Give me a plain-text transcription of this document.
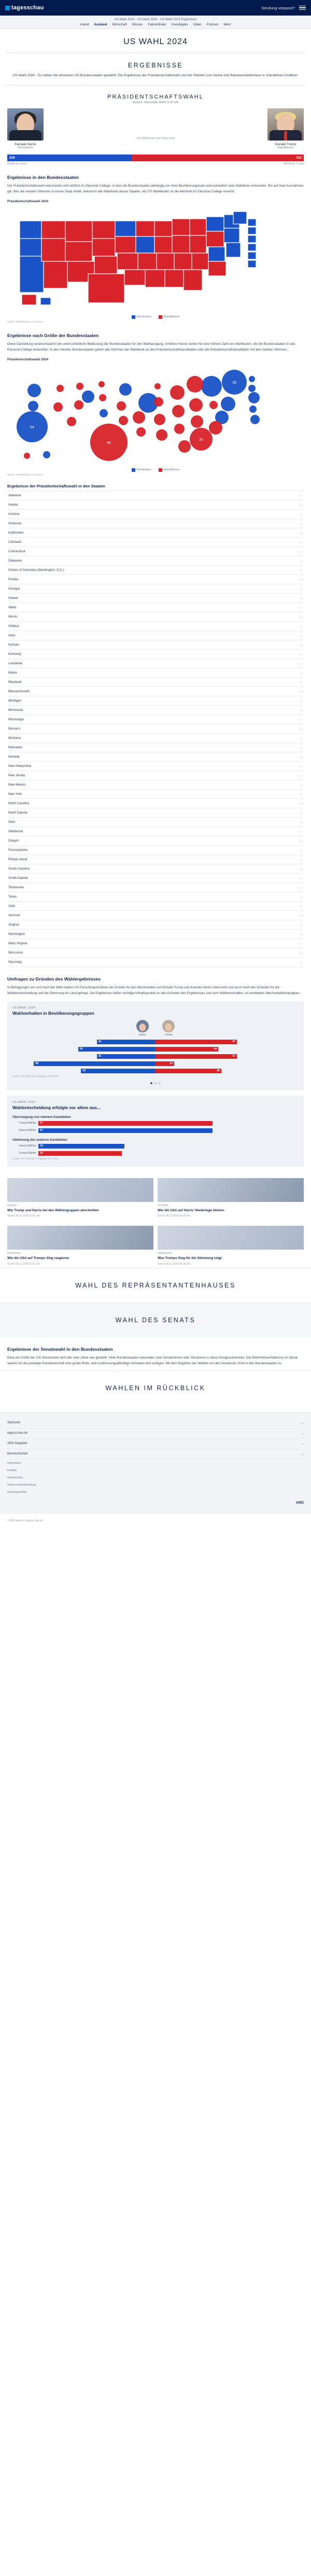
tagesschau	Sendung verpasst?
US-Wahl 2024 · US-Wahl 2024 · US-Wahl 2024 Ergebnisse
Inland Ausland Wirtschaft Wissen Faktenfinder Investigativ Video Podcast Mehr
US WAHL 2024
ERGEBNISSE
US-Wahl 2024 - So haben die einzelnen US-Bundesstaaten gewählt: Die Ergebnisse der Präsidentschaftswahl und der Wahlen zum Senat und Repräsentantenhaus in interaktiven Grafiken.
PRÄSIDENTSCHAFTSWAHL
Stand 6. Dezember 2024, 9:15 Uhr
Kamala Harris
Demokraten
270 Wahlleute zum Sieg nötig
Donald Trump
Republikaner
226	312
Wahlleute Harris	Wahlleute Trump
Ergebnisse in den Bundesstaaten

Der Präsidentschaftswahl entscheidet sich letztlich im Electoral College, in dem die Bundesstaaten abhängig von ihrer Bevölkerungszahl unterschiedlich viele Wahlleute entsenden. Bis auf zwei Ausnahmen gilt: Wer die meisten Stimmen in einem Staat erhält, bekommt alle Wahlleute dieses Staates. Ab 270 Wahlleuten ist die Mehrheit im Electoral College erreicht.

Präsidentschaftswahl 2024
Demokraten	Republikaner
Quelle: AP/Wahlleute in Prozent
Ergebnisse nach Größe der Bundesstaaten

Diese Darstellung veranschaulicht die unterschiedliche Bedeutung der Bundesstaaten für den Wahlausgang. Größere Kreise stehen für eine höhere Zahl von Wahlleuten, die die Bundesstaaten in das Electoral College entsenden. In den meisten Bundesstaaten gehen alle Stimmen der Wahlleute an den Präsidentschaftskandidaten oder die Präsidentschaftskandidatin mit den meisten Stimmen.

Präsidentschaftswahl 2024
54
40
28
30
Demokraten	Republikaner
Quelle: AP/Wahlleute in Prozent
Ergebnisse der Präsidentschaftswahl in den Staaten
Alabama	⌄
Alaska	⌄
Arizona	⌄
Arkansas	⌄
Kalifornien	⌄
Colorado	⌄
Connecticut	⌄
Delaware	⌄
District of Columbia (Washington, D.C.)	⌄
Florida	⌄
Georgia	⌄
Hawaii	⌄
Idaho	⌄
Illinois	⌄
Indiana	⌄
Iowa	⌄
Kansas	⌄
Kentucky	⌄
Louisiana	⌄
Maine	⌄
Maryland	⌄
Massachusetts	⌄
Michigan	⌄
Minnesota	⌄
Mississippi	⌄
Missouri	⌄
Montana	⌄
Nebraska	⌄
Nevada	⌄
New Hampshire	⌄
New Jersey	⌄
New Mexico	⌄
New York	⌄
North Carolina	⌄
North Dakota	⌄
Ohio	⌄
Oklahoma	⌄
Oregon	⌄
Pennsylvania	⌄
Rhode Island	⌄
South Carolina	⌄
South Dakota	⌄
Tennessee	⌄
Texas	⌄
Utah	⌄
Vermont	⌄
Virginia	⌄
Washington	⌄
West Virginia	⌄
Wisconsin	⌄
Wyoming	⌄
Umfragen zu Gründen des Wahlergebnisses

In Befragungen am und nach der Wahl haben US-Forschungsinstitute die Gründe für das Abschneiden von Donald Trump und Kamala Harris untersucht und auch nach den Gründen für die Wählerentscheidung und die Stimmung im Land gefragt. Die Ergebnisse helfen wichtige Anhaltspunkte zu den Gründen des Ergebnisses und zum Wählerverhalten, zu ermittelten Wechselwählergruppen.

US-WAHL 2024
Wahlverhalten in Bevölkerungsgruppen
Harris	Trump
41	57
54	44
41	57
85	13
52	46
Quelle: AP VoteCast / Angaben in Prozent
US-WAHL 2024
Wahlentscheidung erfolgte vor allem aus...
Überzeugung von meinem Kandidaten
Trump-Wähler	67
Harris-Wähler	67
Ablehnung des anderen Kandidaten
Harris-Wähler	33
Trump-Wähler	32
Quelle: AP VoteCast / Angaben in Prozent
Analyse
Wie Trump und Harris bei den Wählergruppen abschnitten
Stand: 06.11.2024 12:41 Uhr
US-Wahl
Wie die USA auf Harris' Niederlage blicken
Stand: 06.11.2024 09:20 Uhr
Reaktionen
Wie die USA auf Trumps Sieg reagieren
Stand: 06.11.2024 11:02 Uhr
Hintergrund
Was Trumps Sieg für die Stimmung zeigt
Stand: 06.11.2024 08:30 Uhr
WAHL DES REPRÄSENTANTENHAUSES
WAHL DES SENATS
Ergebnisse der Senatswahl in den Bundesstaaten

Etwa ein Drittel der 100 Senatssitze wird alle zwei Jahre neu gewählt. Viele Bundesstaaten entsenden zwei Senatorinnen oder Senatoren in diese Kongresskammer. Die Mehrheitsverhältnisse im Senat spielen für die jeweilige Präsidentschaft eine große Rolle, weil zustimmungspflichtige Vorhaben dort erfolgen. Mit dem Ergebnis der Wahlen um den Senatssitz 2024 in den Bundesstaaten zu:

WAHLEN IM RÜCKBLICK
Startseite	⌄
tagesschau.de	⌄
ARD Ratgeber	⌄
Barrierefreiheit	⌄
Impressum
Kontakt
Datenschutz
Datenschutzeinstellung
Nutzungsrechte
ARD
© ARD-aktuell / tagesschau.de
